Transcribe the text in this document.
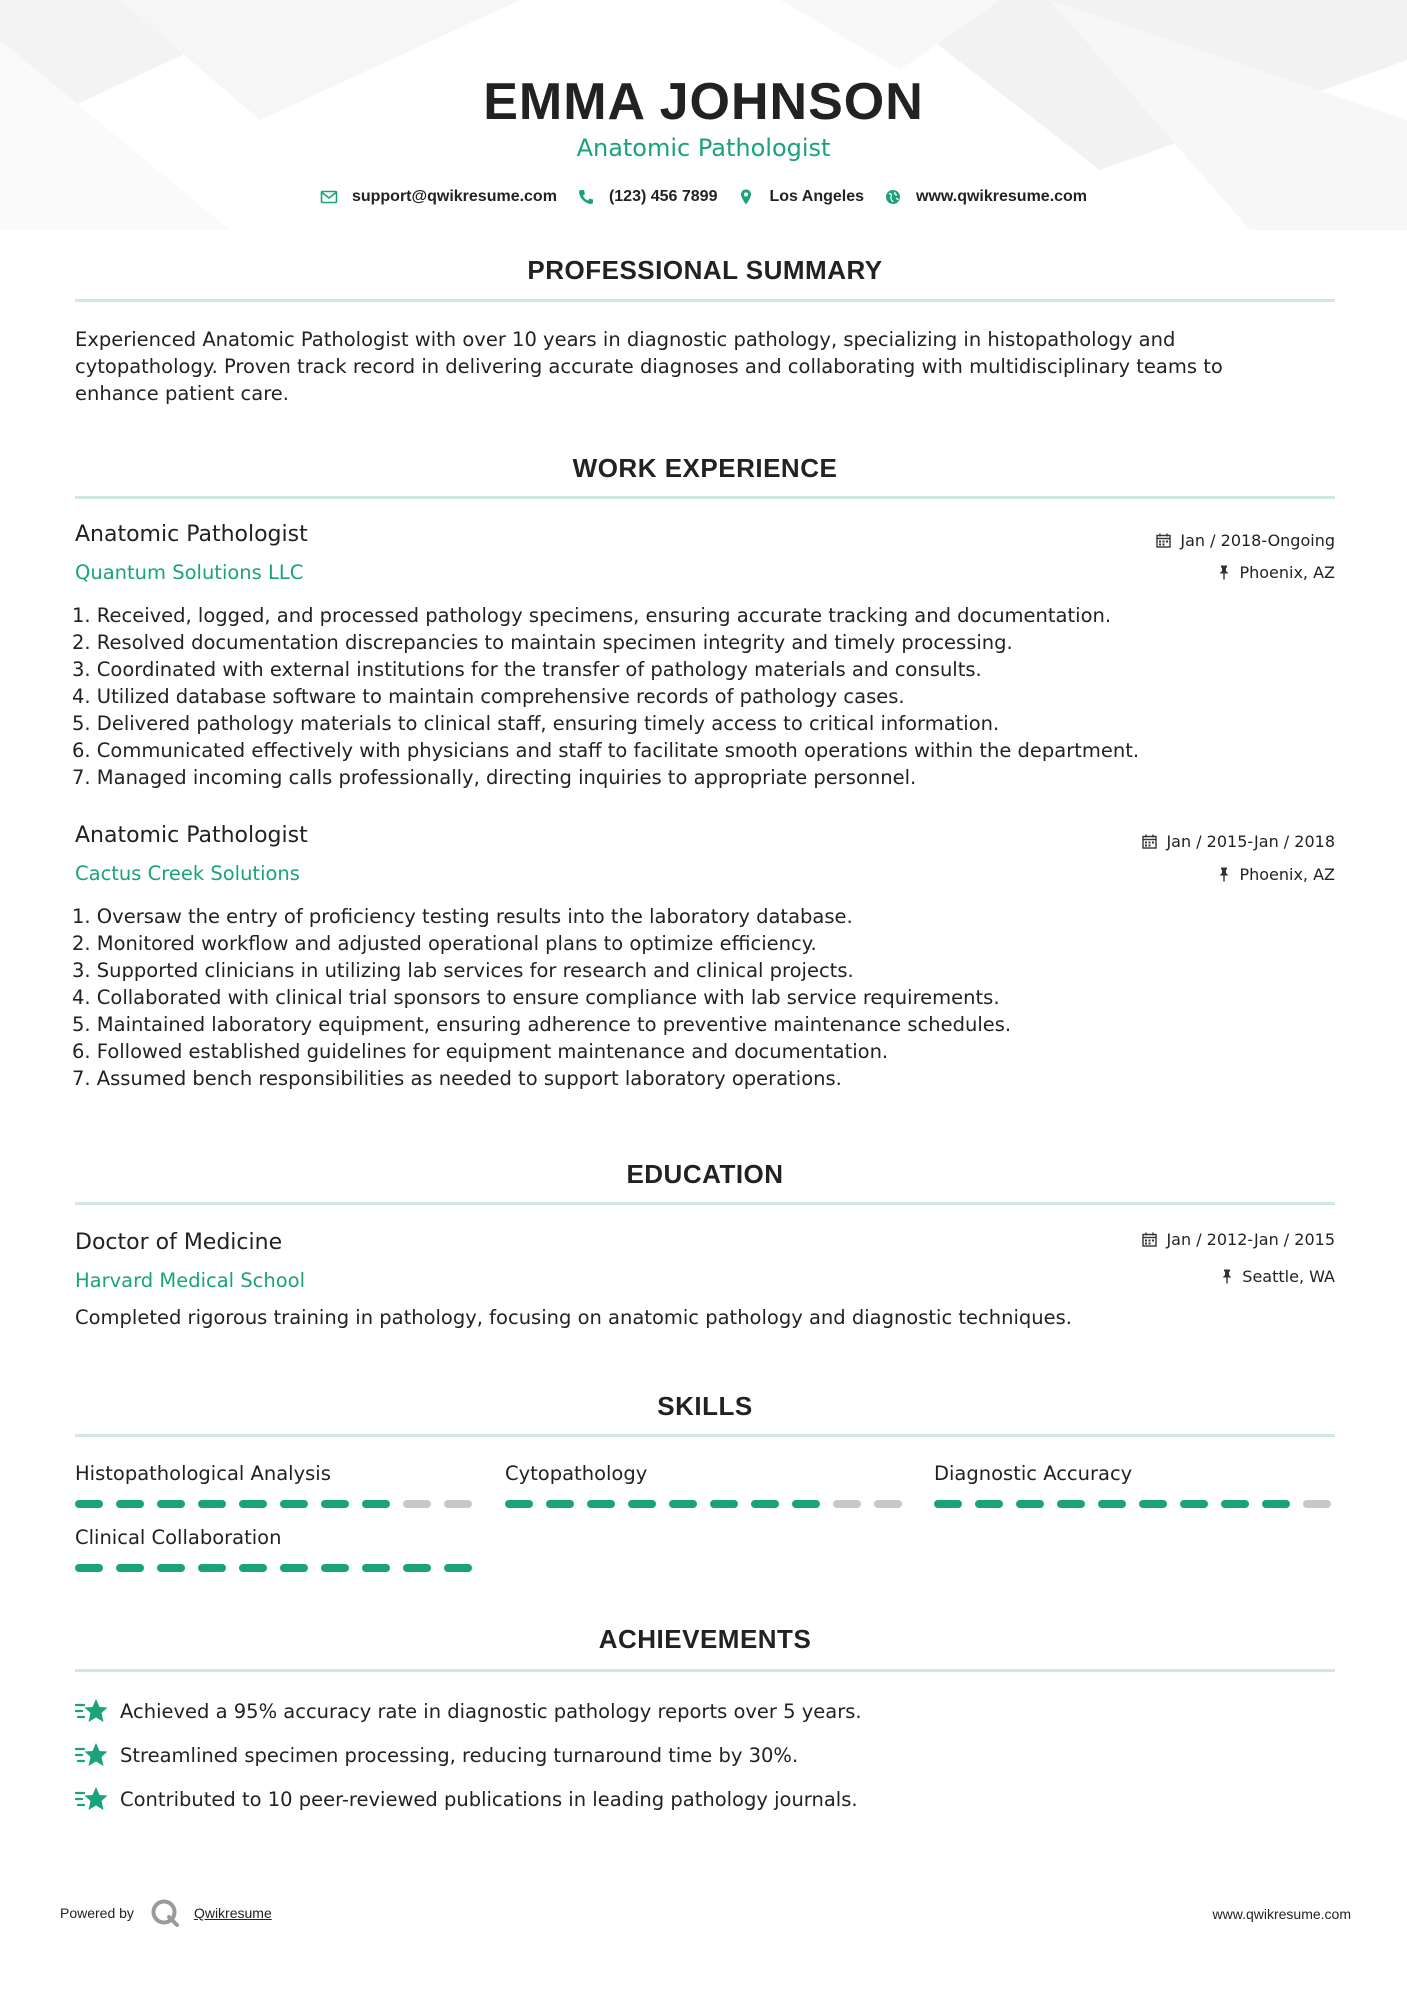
EMMA JOHNSON
Anatomic Pathologist
support@qwikresume.com	(123) 456 7899	Los Angeles	www.qwikresume.com
PROFESSIONAL SUMMARY
Experienced Anatomic Pathologist with over 10 years in diagnostic pathology, specializing in histopathology and
cytopathology. Proven track record in delivering accurate diagnoses and collaborating with multidisciplinary teams to
enhance patient care.
WORK EXPERIENCE
Anatomic Pathologist	Jan / 2018-Ongoing
Quantum Solutions LLC	Phoenix, AZ
1. Received, logged, and processed pathology specimens, ensuring accurate tracking and documentation.
2. Resolved documentation discrepancies to maintain specimen integrity and timely processing.
3. Coordinated with external institutions for the transfer of pathology materials and consults.
4. Utilized database software to maintain comprehensive records of pathology cases.
5. Delivered pathology materials to clinical staff, ensuring timely access to critical information.
6. Communicated effectively with physicians and staff to facilitate smooth operations within the department.
7. Managed incoming calls professionally, directing inquiries to appropriate personnel.
Anatomic Pathologist	Jan / 2015-Jan / 2018
Cactus Creek Solutions	Phoenix, AZ
1. Oversaw the entry of proficiency testing results into the laboratory database.
2. Monitored workflow and adjusted operational plans to optimize efficiency.
3. Supported clinicians in utilizing lab services for research and clinical projects.
4. Collaborated with clinical trial sponsors to ensure compliance with lab service requirements.
5. Maintained laboratory equipment, ensuring adherence to preventive maintenance schedules.
6. Followed established guidelines for equipment maintenance and documentation.
7. Assumed bench responsibilities as needed to support laboratory operations.
EDUCATION
Doctor of Medicine	Jan / 2012-Jan / 2015
Harvard Medical School	Seattle, WA
Completed rigorous training in pathology, focusing on anatomic pathology and diagnostic techniques.
SKILLS
Histopathological Analysis	Cytopathology	Diagnostic Accuracy
Clinical Collaboration
ACHIEVEMENTS
Achieved a 95% accuracy rate in diagnostic pathology reports over 5 years.
Streamlined specimen processing, reducing turnaround time by 30%.
Contributed to 10 peer-reviewed publications in leading pathology journals.
Powered by	Qwikresume	www.qwikresume.com
